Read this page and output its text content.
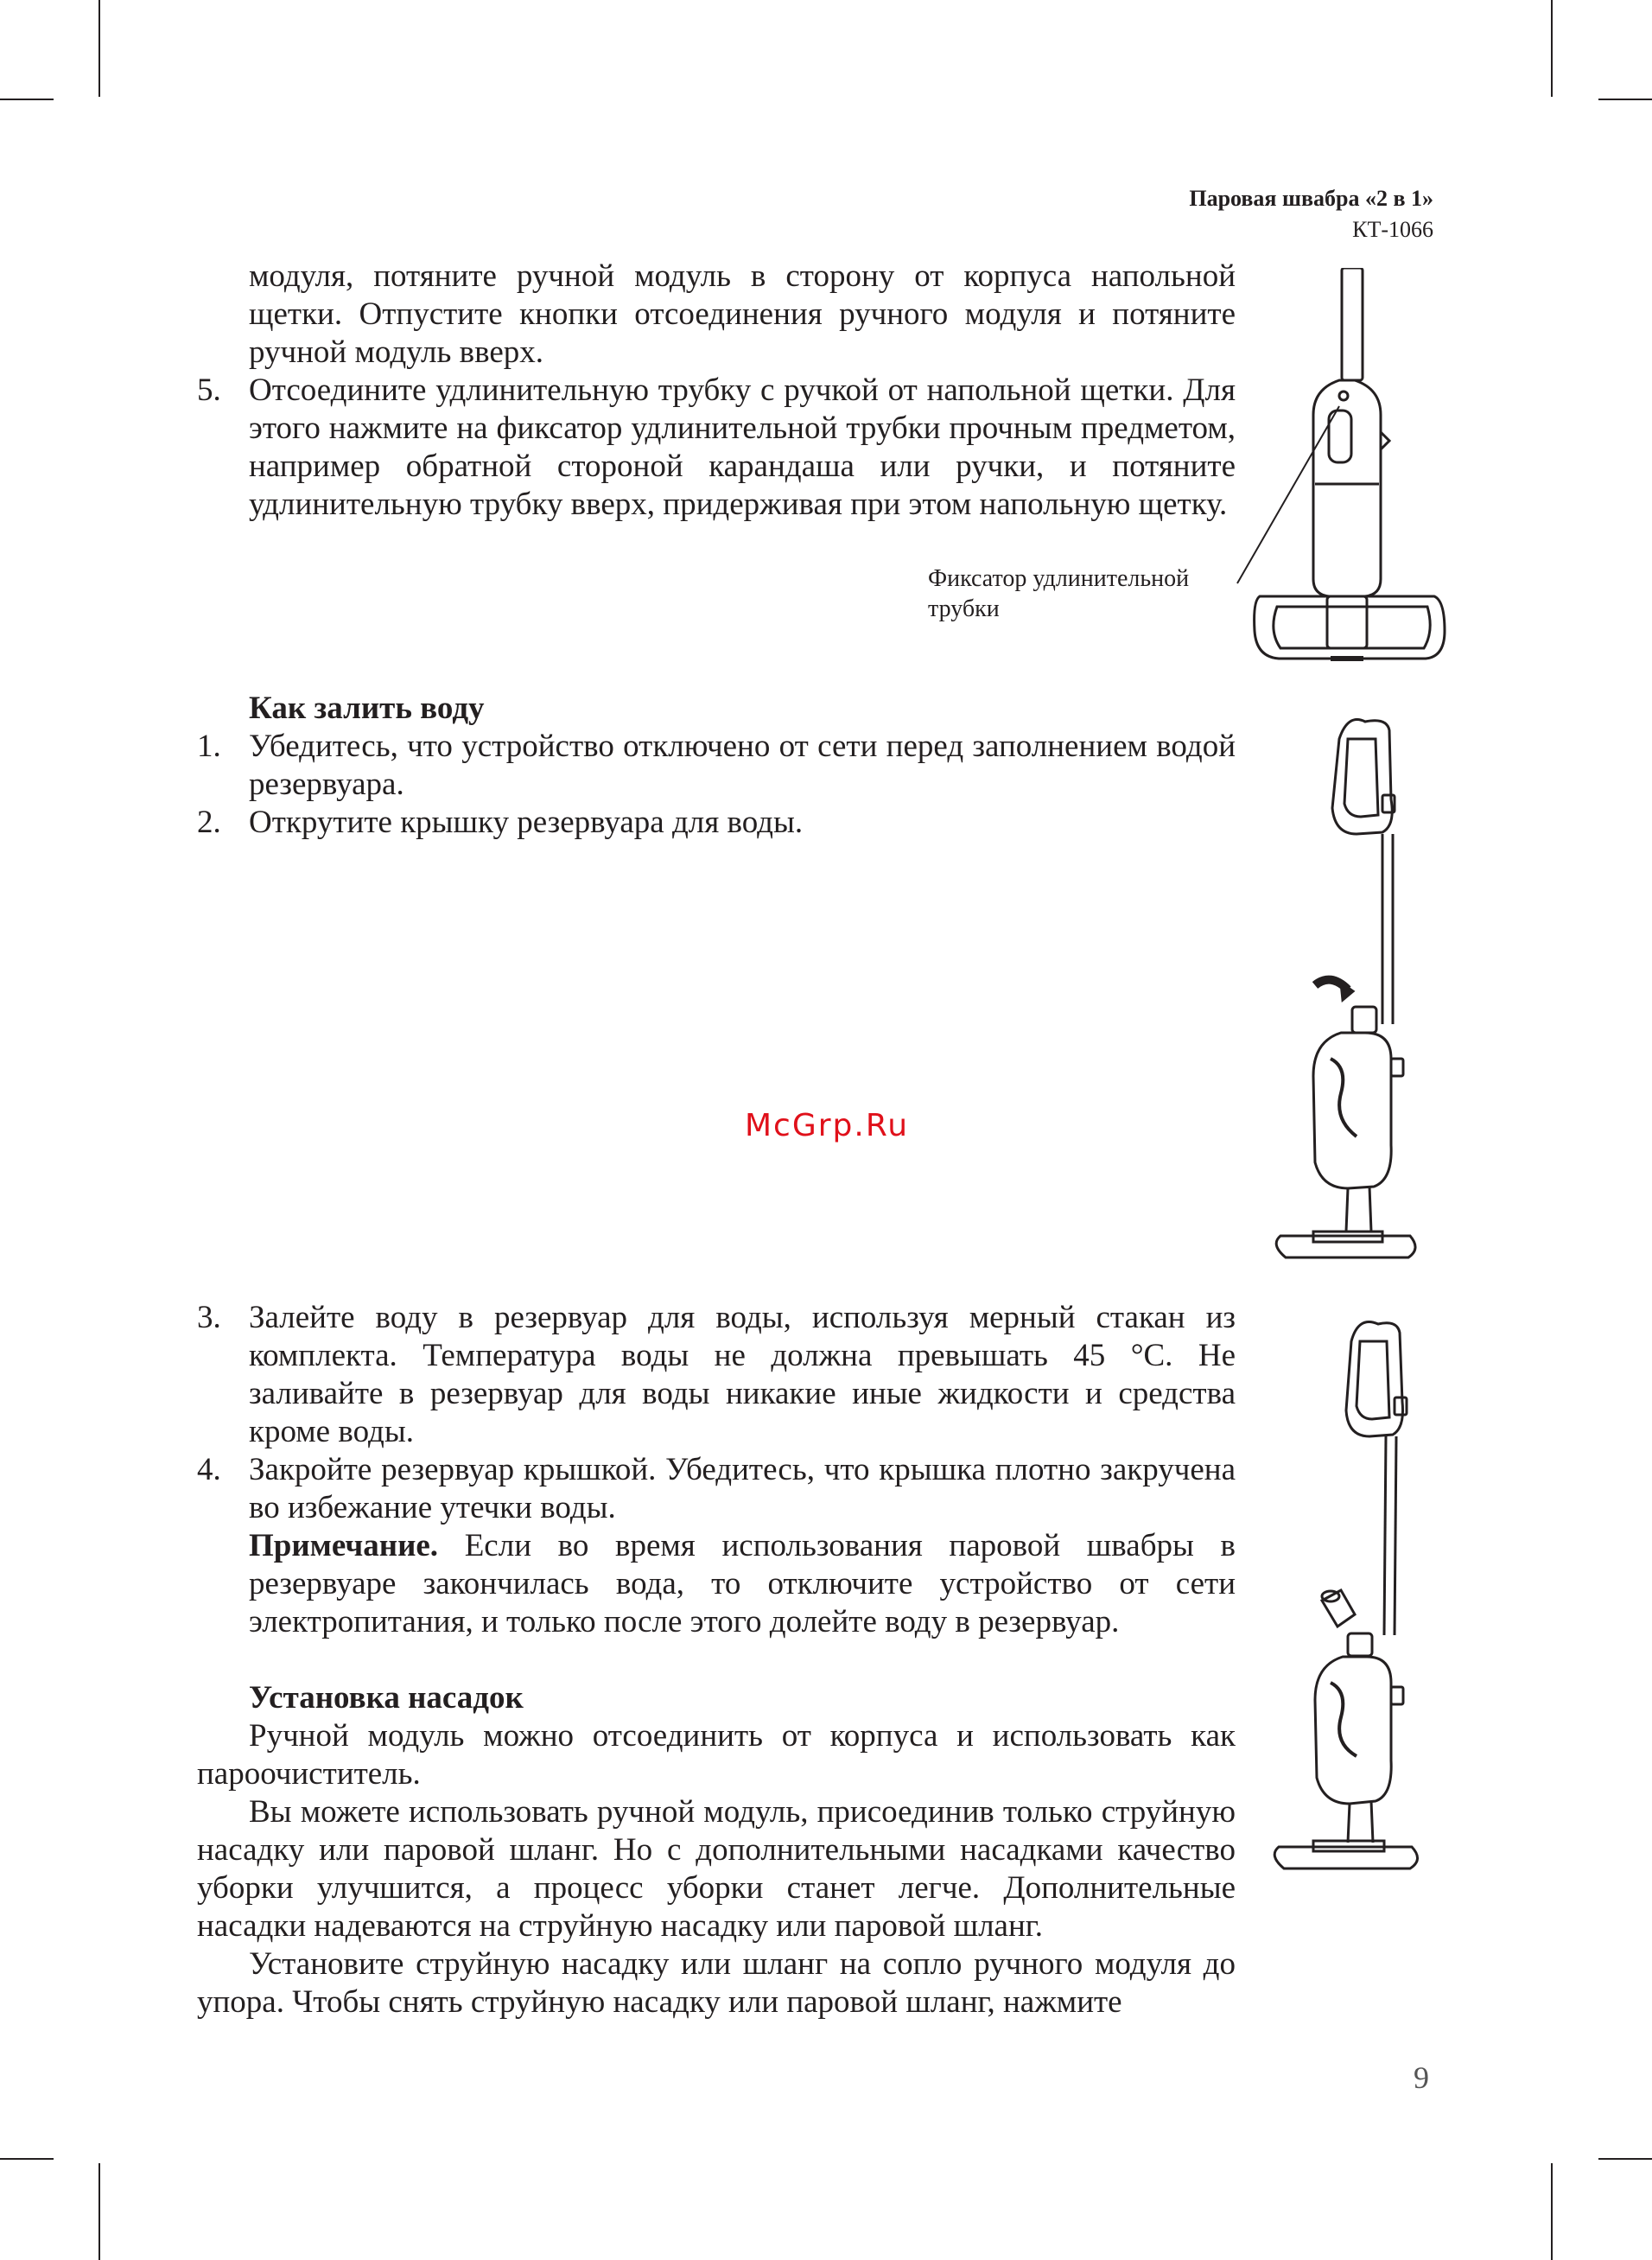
Паровая швабра «2 в 1»
КТ-1066

модуля, потяните ручной модуль в сторону от корпуса напольной щетки. Отпустите кнопки отсоединения ручного модуля и потяните ручной модуль вверх.

5. Отсоедините удлинительную трубку с ручкой от напольной щетки. Для этого нажмите на фиксатор удлинительной трубки прочным предметом, например обратной стороной карандаша или ручки, и потяните удлинительную трубку вверх, придерживая при этом напольную щетку.

Фиксатор удлинительной
трубки

Как залить воду

1. Убедитесь, что устройство отключено от сети перед заполнением водой резервуара.

2. Открутите крышку резервуара для воды.

McGrp.Ru
3. Залейте воду в резервуар для воды, используя мерный стакан из комплекта. Температура воды не должна превышать 45 °C. Не заливайте в резервуар для воды никакие иные жидкости и средства кроме воды.

4. Закройте резервуар крышкой. Убедитесь, что крышка плотно закручена во избежание утечки воды.

Примечание. Если во время использования паровой швабры в резервуаре закончилась вода, то отключите устройство от сети электропитания, и только после этого долейте воду в резервуар.

Установка насадок

Ручной модуль можно отсоединить от корпуса и использовать как пароочиститель.

Вы можете использовать ручной модуль, присоединив только струйную насадку или паровой шланг. Но с дополнительными насадками качество уборки улучшится, а процесс уборки станет легче. Дополнительные насадки надеваются на струйную насадку или паровой шланг.

Установите струйную насадку или шланг на сопло ручного модуля до упора. Чтобы снять струйную насадку или паровой шланг, нажмите

9
